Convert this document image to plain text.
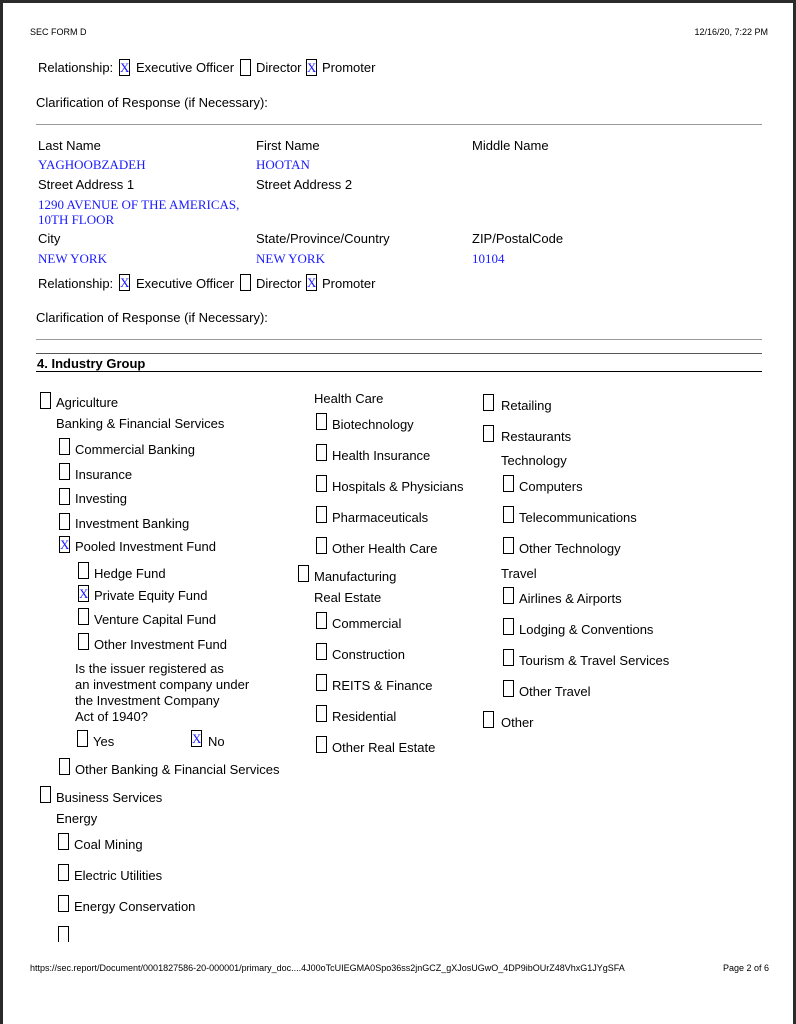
SEC FORM D	12/16/20, 7:22 PM
Relationship: X Executive Officer Director X Promoter
Clarification of Response (if Necessary):
Last Name	First Name	Middle Name
YAGHOOBZADEH	HOOTAN
Street Address 1	Street Address 2
1290 AVENUE OF THE AMERICAS,
10TH FLOOR
City	State/Province/Country	ZIP/PostalCode
NEW YORK	NEW YORK	10104
Relationship: X Executive Officer Director X Promoter
Clarification of Response (if Necessary):
4. Industry Group
Agriculture
Banking & Financial Services
Commercial Banking
Insurance
Investing
Investment Banking
X Pooled Investment Fund
Hedge Fund
X Private Equity Fund
Venture Capital Fund
Other Investment Fund
Is the issuer registered as
an investment company under
the Investment Company
Act of 1940?
Yes	X No
Other Banking & Financial Services
Business Services
Energy
Coal Mining
Electric Utilities
Energy Conservation
Health Care
Biotechnology
Health Insurance
Hospitals & Physicians
Pharmaceuticals
Other Health Care
Manufacturing
Real Estate
Commercial
Construction
REITS & Finance
Residential
Other Real Estate
Retailing
Restaurants
Technology
Computers
Telecommunications
Other Technology
Travel
Airlines & Airports
Lodging & Conventions
Tourism & Travel Services
Other Travel
Other
https://sec.report/Document/0001827586-20-000001/primary_doc....4J00oTcUIEGMA0Spo36ss2jnGCZ_gXJosUGwO_4DP9ibOUrZ48VhxG1JYgSFA	Page 2 of 6
